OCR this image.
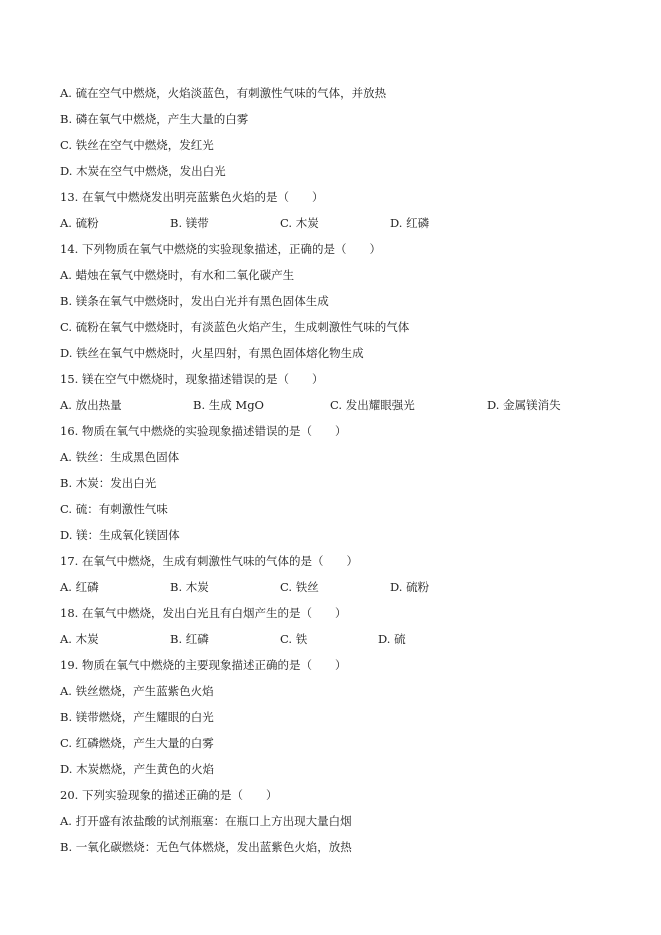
A. 硫在空气中燃烧，火焰淡蓝色，有刺激性气味的气体，并放热
B. 磷在氧气中燃烧，产生大量的白雾
C. 铁丝在空气中燃烧，发红光
D. 木炭在空气中燃烧，发出白光
13. 在氧气中燃烧发出明亮蓝紫色火焰的是（　　）
A. 硫粉	B. 镁带	C. 木炭	D. 红磷
14. 下列物质在氧气中燃烧的实验现象描述，正确的是（　　）
A. 蜡烛在氧气中燃烧时，有水和二氧化碳产生
B. 镁条在氧气中燃烧时，发出白光并有黑色固体生成
C. 硫粉在氧气中燃烧时，有淡蓝色火焰产生，生成刺激性气味的气体
D. 铁丝在氧气中燃烧时，火星四射，有黑色固体熔化物生成
15. 镁在空气中燃烧时，现象描述错误的是（　　）
A. 放出热量	B. 生成 MgO	C. 发出耀眼强光	D. 金属镁消失
16. 物质在氧气中燃烧的实验现象描述错误的是（　　）
A. 铁丝：生成黑色固体
B. 木炭：发出白光
C. 硫：有刺激性气味
D. 镁：生成氧化镁固体
17. 在氧气中燃烧，生成有刺激性气味的气体的是（　　）
A. 红磷	B. 木炭	C. 铁丝	D. 硫粉
18. 在氧气中燃烧，发出白光且有白烟产生的是（　　）
A. 木炭	B. 红磷	C. 铁	D. 硫
19. 物质在氧气中燃烧的主要现象描述正确的是（　　）
A. 铁丝燃烧，产生蓝紫色火焰
B. 镁带燃烧，产生耀眼的白光
C. 红磷燃烧，产生大量的白雾
D. 木炭燃烧，产生黄色的火焰
20. 下列实验现象的描述正确的是（　　）
A. 打开盛有浓盐酸的试剂瓶塞：在瓶口上方出现大量白烟
B. 一氧化碳燃烧：无色气体燃烧，发出蓝紫色火焰，放热
